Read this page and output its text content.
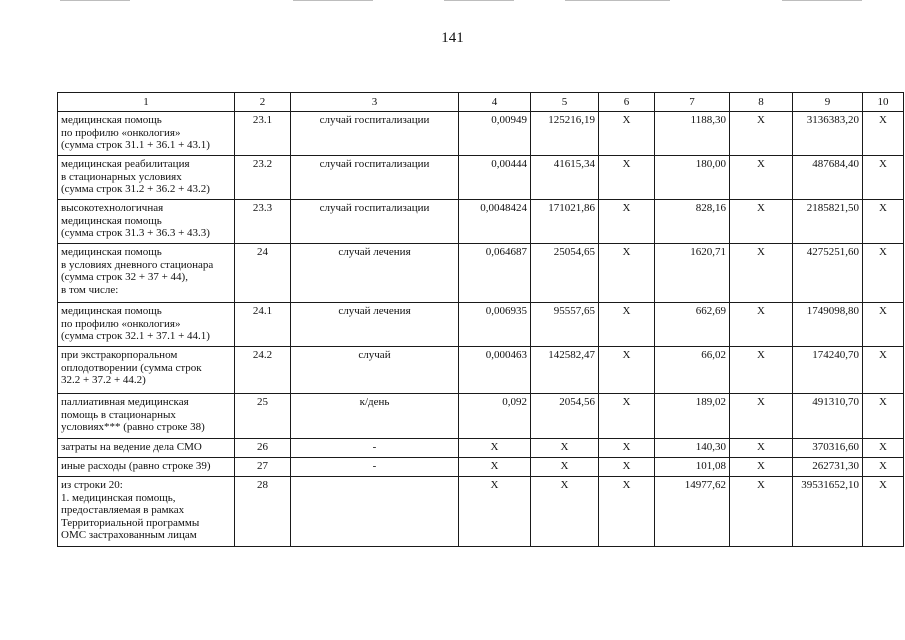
141
1	2	3	4	5	6	7	8	9	10

медицинская помощь
по профилю «онкология»
(сумма строк 31.1 + 36.1 + 43.1)	23.1	случай госпитализации	0,00949	125216,19	X	1188,30	X	3136383,20	X

медицинская реабилитация
в стационарных условиях
(сумма строк 31.2 + 36.2 + 43.2)	23.2	случай госпитализации	0,00444	41615,34	X	180,00	X	487684,40	X

высокотехнологичная
медицинская помощь
(сумма строк 31.3 + 36.3 + 43.3)	23.3	случай госпитализации	0,0048424	171021,86	X	828,16	X	2185821,50	X

медицинская помощь
в условиях дневного стационара
(сумма строк 32 + 37 + 44),
в том числе:	24	случай лечения	0,064687	25054,65	X	1620,71	X	4275251,60	X

медицинская помощь
по профилю «онкология»
(сумма строк 32.1 + 37.1 + 44.1)	24.1	случай лечения	0,006935	95557,65	X	662,69	X	1749098,80	X

при экстракорпоральном
оплодотворении (сумма строк
32.2 + 37.2 + 44.2)	24.2	случай	0,000463	142582,47	X	66,02	X	174240,70	X

паллиативная медицинская
помощь в стационарных
условиях*** (равно строке 38)	25	к/день	0,092	2054,56	X	189,02	X	491310,70	X

затраты на ведение дела СМО	26	-	X	X	X	140,30	X	370316,60	X

иные расходы (равно строке 39)	27	-	X	X	X	101,08	X	262731,30	X

из строки 20:
1. медицинская помощь,
предоставляемая в рамках
Территориальной программы
ОМС застрахованным лицам	28		X	X	X	14977,62	X	39531652,10	X
